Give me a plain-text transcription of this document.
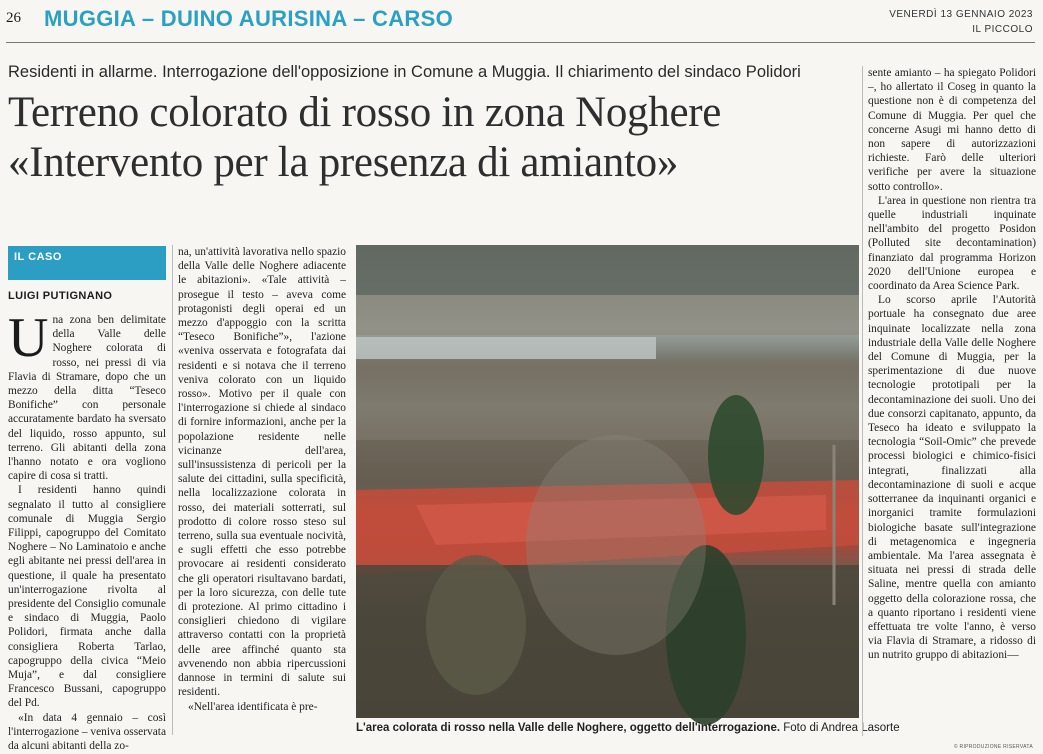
26 MUGGIA – DUINO AURISINA – CARSO	VENERDÌ 13 GENNAIO 2023
IL PICCOLO
Residenti in allarme. Interrogazione dell'opposizione in Comune a Muggia. Il chiarimento del sindaco Polidori
Terreno colorato di rosso in zona Noghere
«Intervento per la presenza di amianto»
IL CASO
LUIGI PUTIGNANO

Una zona ben delimitate della Valle delle Noghere colorata di rosso, nei pressi di via Flavia di Stramare, dopo che un mezzo della ditta “Teseco Bonifiche” con personale accuratamente bardato ha sversato del liquido, rosso appunto, sul terreno. Gli abitanti della zona l'hanno notato e ora vogliono capire di cosa si tratti.

I residenti hanno quindi segnalato il tutto al consigliere comunale di Muggia Sergio Filippi, capogruppo del Comitato Noghere – No Laminatoio e anche egli abitante nei pressi dell'area in questione, il quale ha presentato un'interrogazione rivolta al presidente del Consiglio comunale e sindaco di Muggia, Paolo Polidori, firmata anche dalla consigliera Roberta Tarlao, capogruppo della civica “Meio Muja”, e dal consigliere Francesco Bussani, capogruppo del Pd.

«In data 4 gennaio – così l'interrogazione – veniva osservata da alcuni abitanti della zo-

na, un'attività lavorativa nello spazio della Valle delle Noghere adiacente le abitazioni». «Tale attività – prosegue il testo – aveva come protagonisti degli operai ed un mezzo d'appoggio con la scritta “Teseco Bonifiche”», l'azione «veniva osservata e fotografata dai residenti e si notava che il terreno veniva colorato con un liquido rosso». Motivo per il quale con l'interrogazione si chiede al sindaco di fornire informazioni, anche per la popolazione residente nelle vicinanze dell'area, sull'insussistenza di pericoli per la salute dei cittadini, sulla specificità, nella localizzazione colorata in rosso, dei materiali sotterrati, sul prodotto di colore rosso steso sul terreno, sulla sua eventuale nocività, e sugli effetti che esso potrebbe provocare ai residenti considerato che gli operatori risultavano bardati, per la loro sicurezza, con delle tute di protezione. Al primo cittadino i consiglieri chiedono di vigilare attraverso contatti con la proprietà delle aree affinché quanto sta avvenendo non abbia ripercussioni dannose in termini di salute sui residenti.

«Nell'area identificata è pre-

L'area colorata di rosso nella Valle delle Noghere, oggetto dell'interrogazione. Foto di Andrea Lasorte

sente amianto – ha spiegato Polidori –, ho allertato il Coseg in quanto la questione non è di competenza del Comune di Muggia. Per quel che concerne Asugi mi hanno detto di non sapere di autorizzazioni richieste. Farò delle ulteriori verifiche per avere la situazione sotto controllo».

L'area in questione non rientra tra quelle industriali inquinate nell'ambito del progetto Posidon (Polluted site decontamination) finanziato dal programma Horizon 2020 dell'Unione europea e coordinato da Area Science Park.

Lo scorso aprile l'Autorità portuale ha consegnato due aree inquinate localizzate nella zona industriale della Valle delle Noghere del Comune di Muggia, per la sperimentazione di due nuove tecnologie prototipali per la decontaminazione dei suoli. Uno dei due consorzi capitanato, appunto, da Teseco ha ideato e sviluppato la tecnologia “Soil-Omic” che prevede processi biologici e chimico-fisici integrati, finalizzati alla decontaminazione di suoli e acque sotterranee da inquinanti organici e inorganici tramite formulazioni biologiche basate sull'integrazione di metagenomica e ingegneria ambientale. Ma l'area assegnata è situata nei pressi di strada delle Saline, mentre quella con amianto oggetto della colorazione rossa, che a quanto riportano i residenti viene effettuata tre volte l'anno, è verso via Flavia di Stramare, a ridosso di un nutrito gruppo di abitazioni—

© RIPRODUZIONE RISERVATA
